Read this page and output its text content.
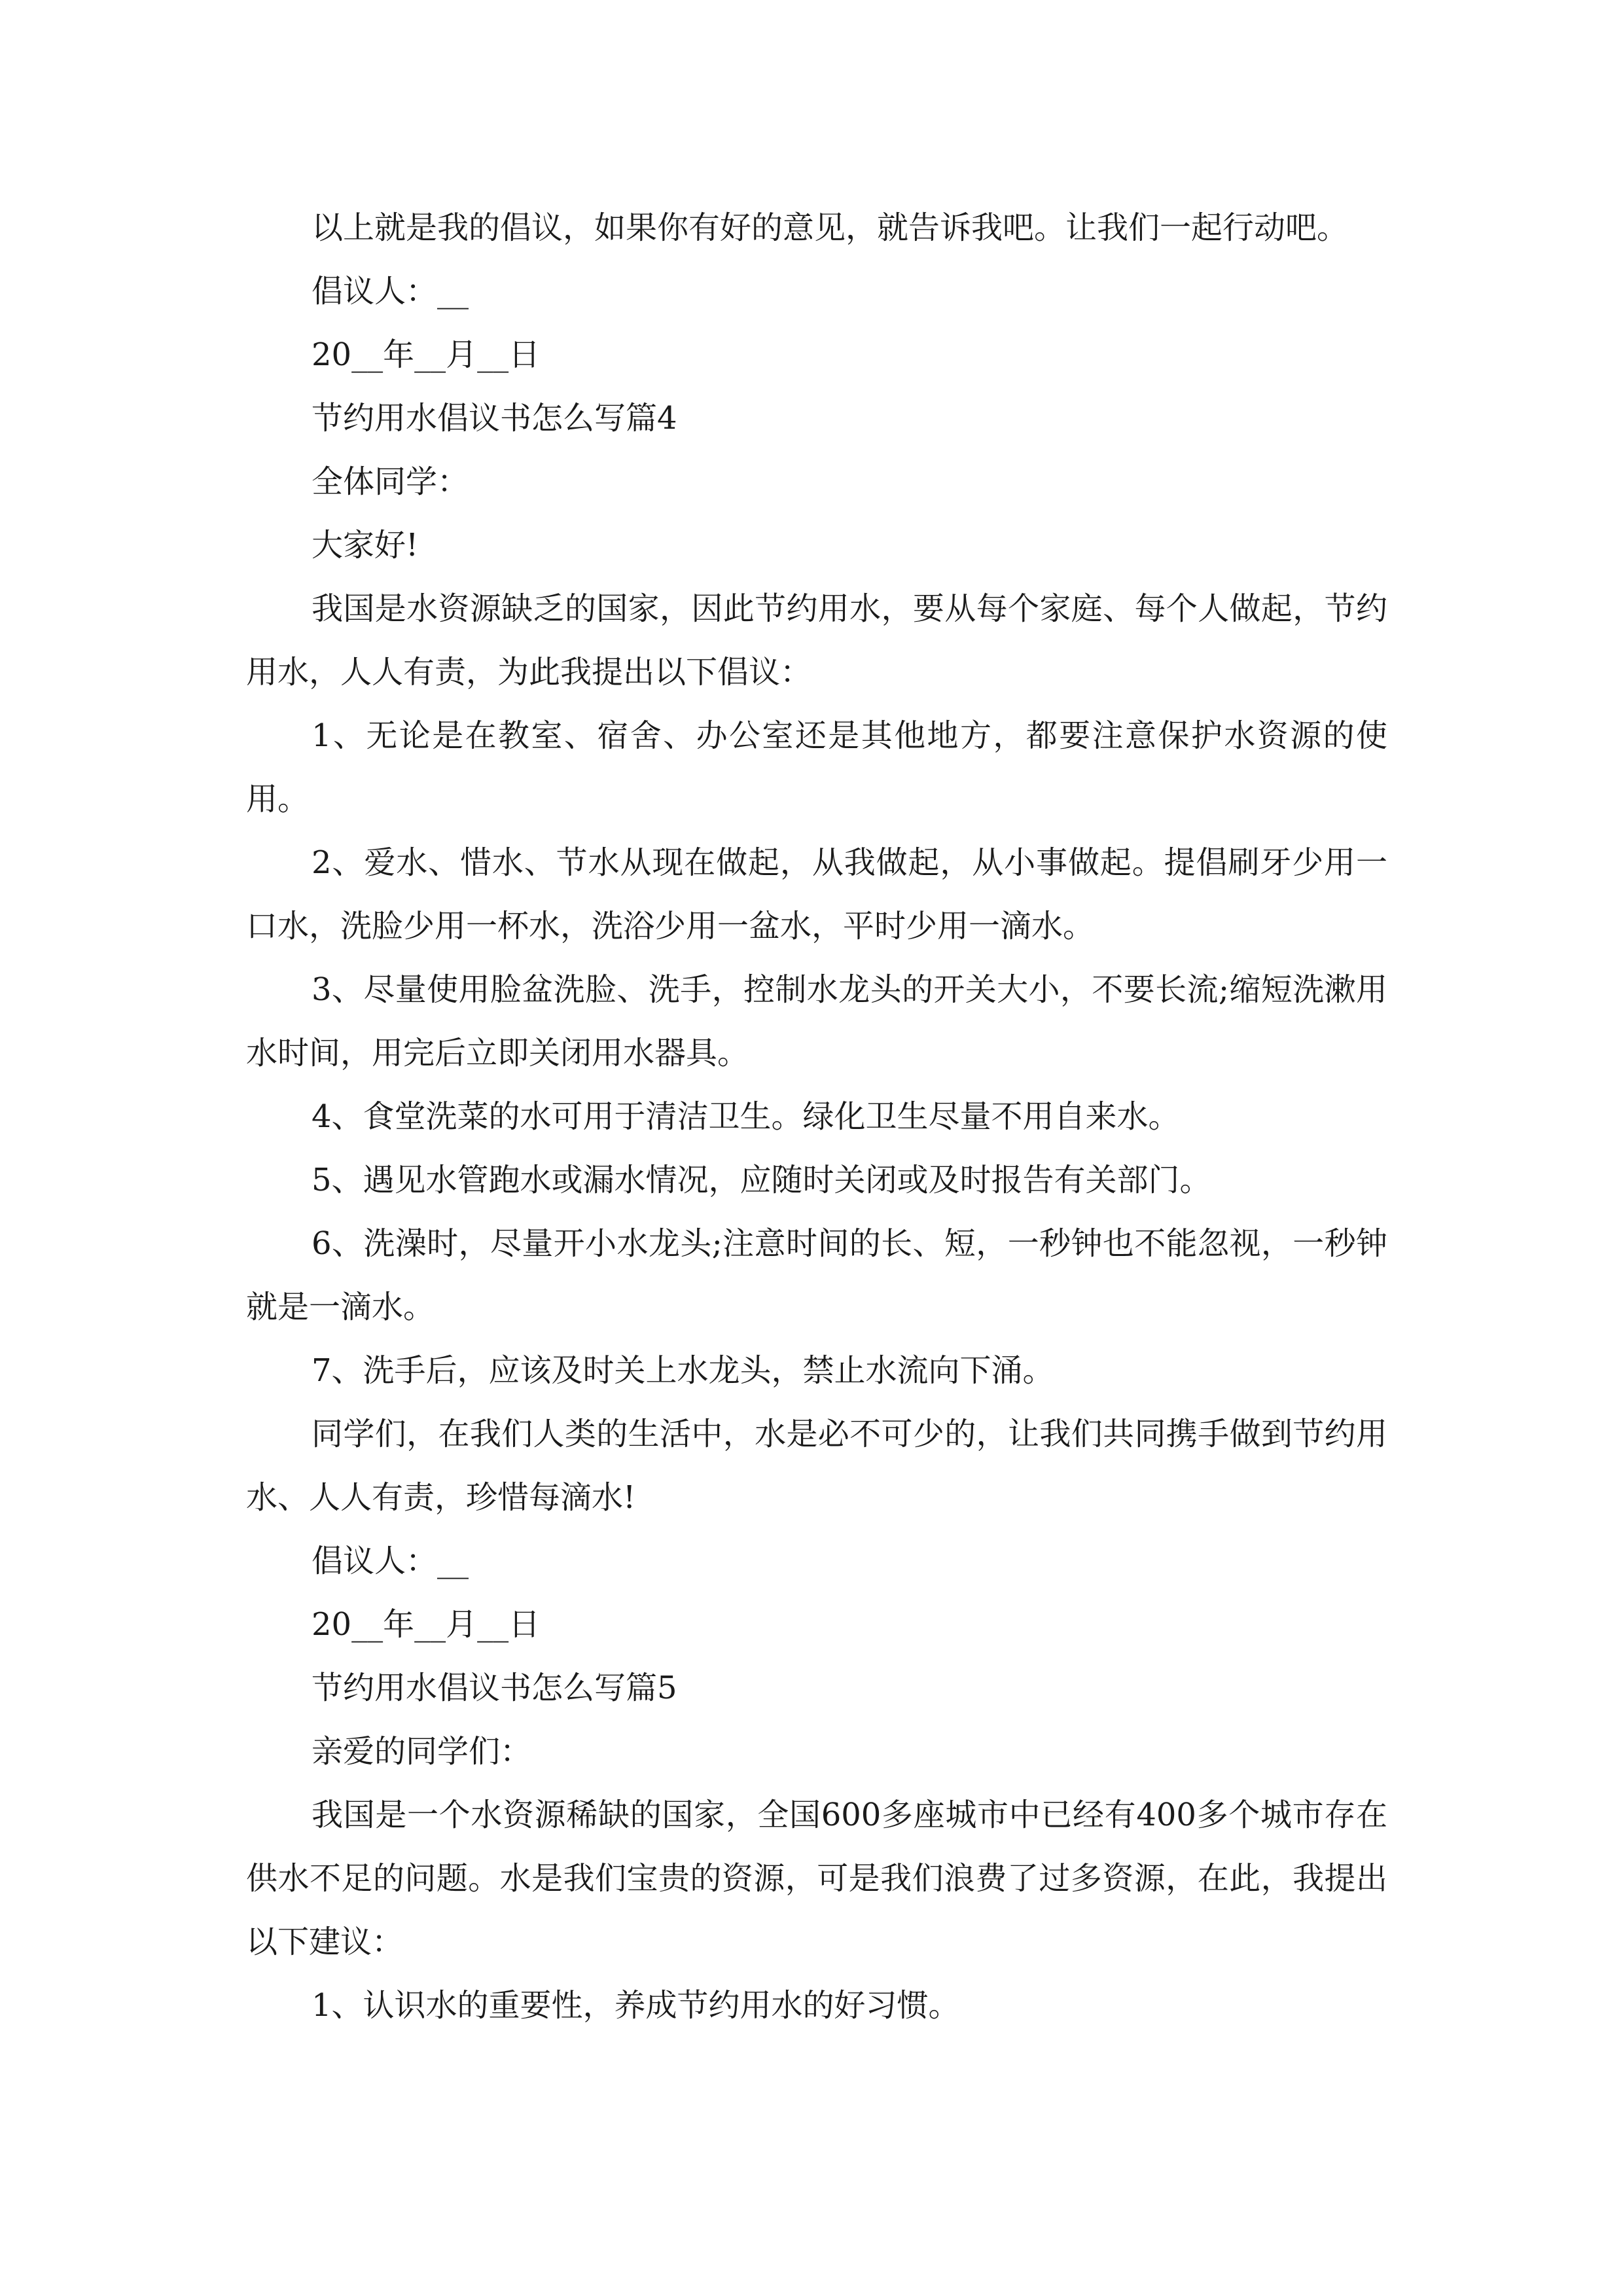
以上就是我的倡议，如果你有好的意见，就告诉我吧。让我们一起行动吧。

倡议人：__

20__年__月__日

节约用水倡议书怎么写篇4

全体同学：

大家好!

我国是水资源缺乏的国家，因此节约用水，要从每个家庭、每个人做起，节约用水，人人有责，为此我提出以下倡议：

1、无论是在教室、宿舍、办公室还是其他地方，都要注意保护水资源的使用。

2、爱水、惜水、节水从现在做起，从我做起，从小事做起。提倡刷牙少用一口水，洗脸少用一杯水，洗浴少用一盆水，平时少用一滴水。

3、尽量使用脸盆洗脸、洗手，控制水龙头的开关大小，不要长流;缩短洗漱用水时间，用完后立即关闭用水器具。

4、食堂洗菜的水可用于清洁卫生。绿化卫生尽量不用自来水。

5、遇见水管跑水或漏水情况，应随时关闭或及时报告有关部门。

6、洗澡时，尽量开小水龙头;注意时间的长、短，一秒钟也不能忽视，一秒钟就是一滴水。

7、洗手后，应该及时关上水龙头，禁止水流向下涌。

同学们，在我们人类的生活中，水是必不可少的，让我们共同携手做到节约用水、人人有责，珍惜每滴水!

倡议人：__

20__年__月__日

节约用水倡议书怎么写篇5

亲爱的同学们：

我国是一个水资源稀缺的国家，全国600多座城市中已经有400多个城市存在供水不足的问题。水是我们宝贵的资源，可是我们浪费了过多资源，在此，我提出以下建议：

1、认识水的重要性，养成节约用水的好习惯。
